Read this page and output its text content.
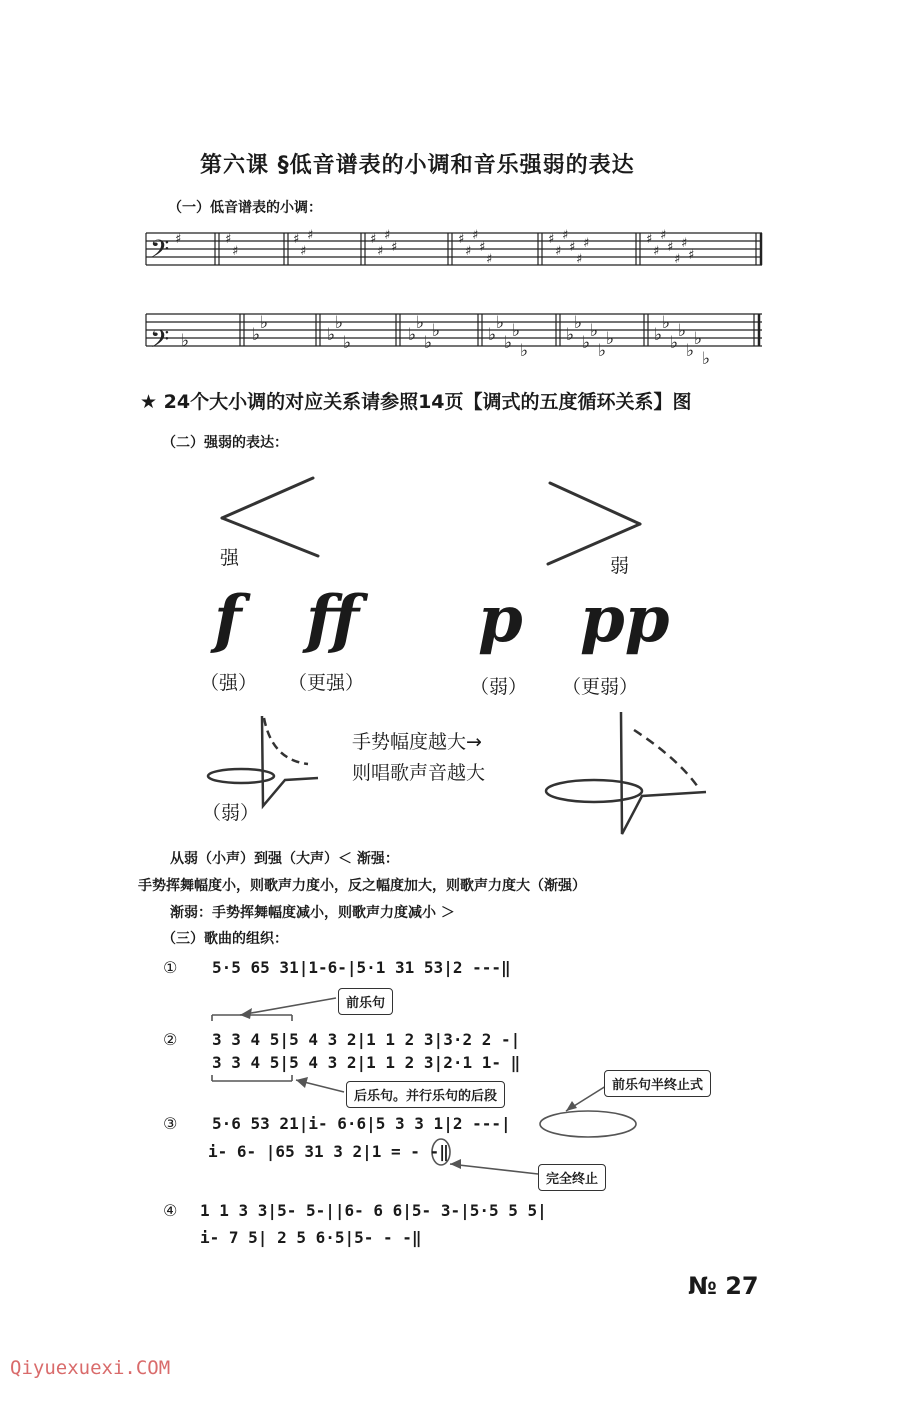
𝄢
𝄢
♯	♯
♯
♯
♯
♯	♯
♯
♯
♯
♯
♯
♯
♯
♯
♯
♯
♯
♯
♯
♯	♯
♯
♯
♯
♯
♯
♯
♭	♭
♭
♭
♭
♭	♭
♭
♭
♭	♭
♭
♭
♭
♭
♭
♭
♭
♭
♭
♭ ♭
♭
♭
♭
♭
♭
♭
第六课 §低音谱表的小调和音乐强弱的表达
（一）低音谱表的小调：
★ 24个大小调的对应关系请参照14页【调式的五度循环关系】图
（二）强弱的表达：
强	弱
f ff p pp
（强） （更强）	（弱） （更弱）
手势幅度越大→
则唱歌声音越大
（弱）
从弱（小声）到强（大声）＜ 渐强：
手势挥舞幅度小，则歌声力度小，反之幅度加大，则歌声力度大（渐强）
渐弱：手势挥舞幅度减小，则歌声力度减小 ＞
（三）歌曲的组织：
① 5·5 65 31|1-6-|5·1 31 53|2 ---‖
前乐句
② 3 3 4 5|5 4 3 2|1 1 2 3|3·2 2 -|
3 3 4 5|5 4 3 2|1 1 2 3|2·1 1- ‖
前乐句半终止式
后乐句。并行乐句的后段
③ 5·6 53 21|i- 6·6|5 3 3 1|2 ---|
i- 6- |65 31 3 2|1 = - -‖
完全终止
④ 1 1 3 3|5- 5-||6- 6 6|5- 3-|5·5 5 5|
i- 7 5| 2 5 6·5|5- - -‖
№ 27
Qiyuexuexi.COM
